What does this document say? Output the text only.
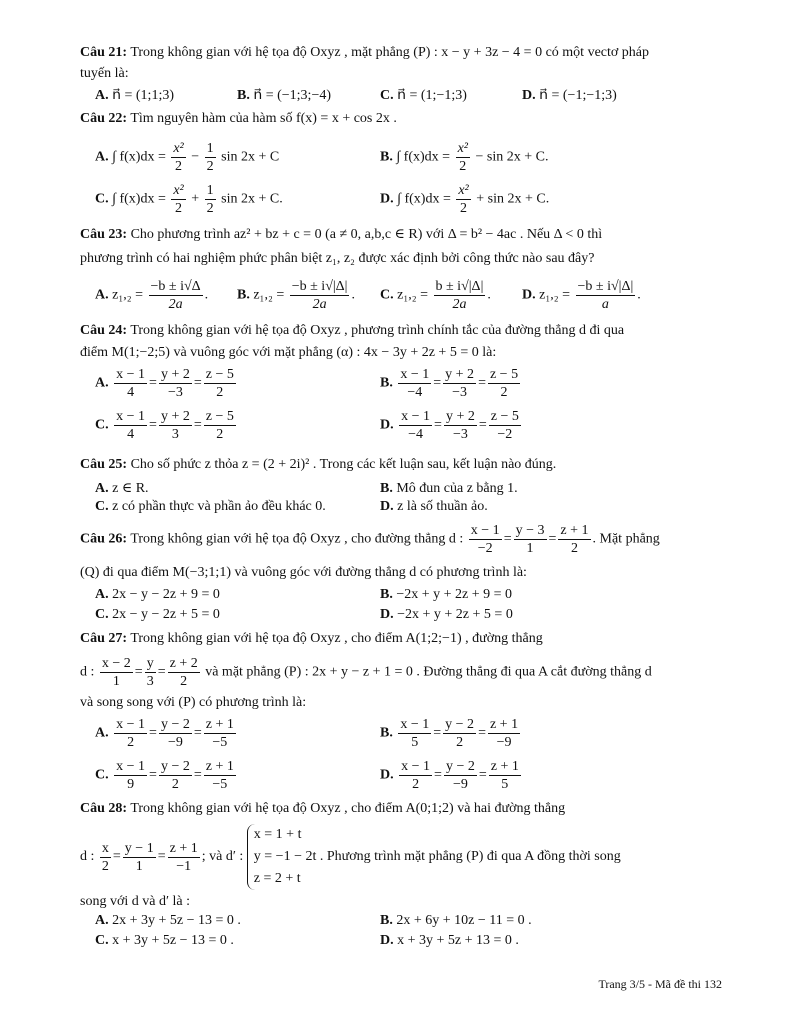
Câu 21: Trong không gian với hệ tọa độ Oxyz , mặt phẳng (P) : x − y + 3z − 4 = 0 có một vectơ pháp
tuyến là:
A. n⃗ = (1;1;3)	B. n⃗ = (−1;3;−4)	C. n⃗ = (1;−1;3)	D. n⃗ = (−1;−1;3)
Câu 22: Tìm nguyên hàm của hàm số f(x) = x + cos 2x .
A. ∫ $f(x)dx = \frac{\text{x²}}{2} - \frac{1}{2}$ sin 2x + C	B. ∫ $f(x)dx = \frac{\text{x²}}{2} - \sin 2x + C$.
C. ∫ $f(x)dx = \frac{\text{x²}}{2} + \frac{1}{2}$ sin 2x + C.	D. ∫ $f(x)dx = \frac{\text{x²}}{2} + \sin 2x + C$.
Câu 23: Cho phương trình az² + bz + c = 0 (a ≠ 0, a,b,c ∈ R) với Δ = b² − 4ac . Nếu Δ < 0 thì
phương trình có hai nghiệm phức phân biệt z₁, z₂ được xác định bởi công thức nào sau đây?
A. $z_1,_2 = \frac{-b \pm i√\Delta}{2a}$ . B. $z_1,_2 = \frac{-b \pm i√|\Delta|}{2a}$ . C. $z_1,_2 = \frac{b \pm i√|\Delta|}{2a}$ . D. $z_1,_2 = \frac{-b \pm i√|\Delta|}{a}$ .
Câu 24: Trong không gian với hệ tọa độ Oxyz , phương trình chính tắc của đường thẳng d đi qua
điểm M(1;−2;5) và vuông góc với mặt phẳng (α) : 4x − 3y + 2z + 5 = 0 là:
A. $\frac{x - 1}{4} = \frac{y + 2}{-3} = \frac{z - 5}{2}$	B. $\frac{x - 1}{-4} = \frac{y + 2}{-3} = \frac{z - 5}{2}$
C. $\frac{x - 1}{4} = \frac{y + 2}{3} = \frac{z - 5}{2}$	D. $\frac{x - 1}{-4} = \frac{y + 2}{-3} = \frac{z - 5}{-2}$
Câu 25: Cho số phức z thỏa z = (2 + 2i)² . Trong các kết luận sau, kết luận nào đúng.
A. z ∈ R.	B. Mô đun của z bằng 1.
C. z có phần thực và phần ảo đều khác 0.	D. z là số thuần ảo.
Câu 26: Trong không gian với hệ tọa độ Oxyz , cho đường thẳng d : $\frac{x - 1}{-2} = \frac{y - 3}{1} = \frac{z + 1}{2}$ . Mặt phẳng
(Q) đi qua điểm M(−3;1;1) và vuông góc với đường thẳng d có phương trình là:
A. 2x − y − 2z + 9 = 0	B. −2x + y + 2z + 9 = 0
C. 2x − y − 2z + 5 = 0	D. −2x + y + 2z + 5 = 0
Câu 27: Trong không gian với hệ tọa độ Oxyz , cho điểm A(1;2;−1) , đường thẳng
d : $\frac{x - 2}{1} = \frac{y}{3} = \frac{z + 2}{2}$ và mặt phẳng (P) : 2x + y − z + 1 = 0 . Đường thẳng đi qua A cắt đường thẳng d
và song song với (P) có phương trình là:
A. $\frac{x - 1}{2} = \frac{y - 2}{-9} = \frac{z + 1}{-5}$	B. $\frac{x - 1}{5} = \frac{y - 2}{2} = \frac{z + 1}{-9}$
C. $\frac{x - 1}{9} = \frac{y - 2}{2} = \frac{z + 1}{-5}$	D. $\frac{x - 1}{2} = \frac{y - 2}{-9} = \frac{z + 1}{5}$
Câu 28: Trong không gian với hệ tọa độ Oxyz , cho điểm A(0;1;2) và hai đường thẳng
d : $\frac{x}{2} = \frac{y - 1}{1} = \frac{z + 1}{-1}$ ; và d′ :
x = 1 + t
y = −1 − 2t
z = 2 + t
. Phương trình mặt phẳng (P) đi qua A đồng thời song
song với d và d′ là :
A. 2x + 3y + 5z − 13 = 0 .	B. 2x + 6y + 10z − 11 = 0 .
C. x + 3y + 5z − 13 = 0 .	D. x + 3y + 5z + 13 = 0 .
Trang 3/5 - Mã đề thi 132
